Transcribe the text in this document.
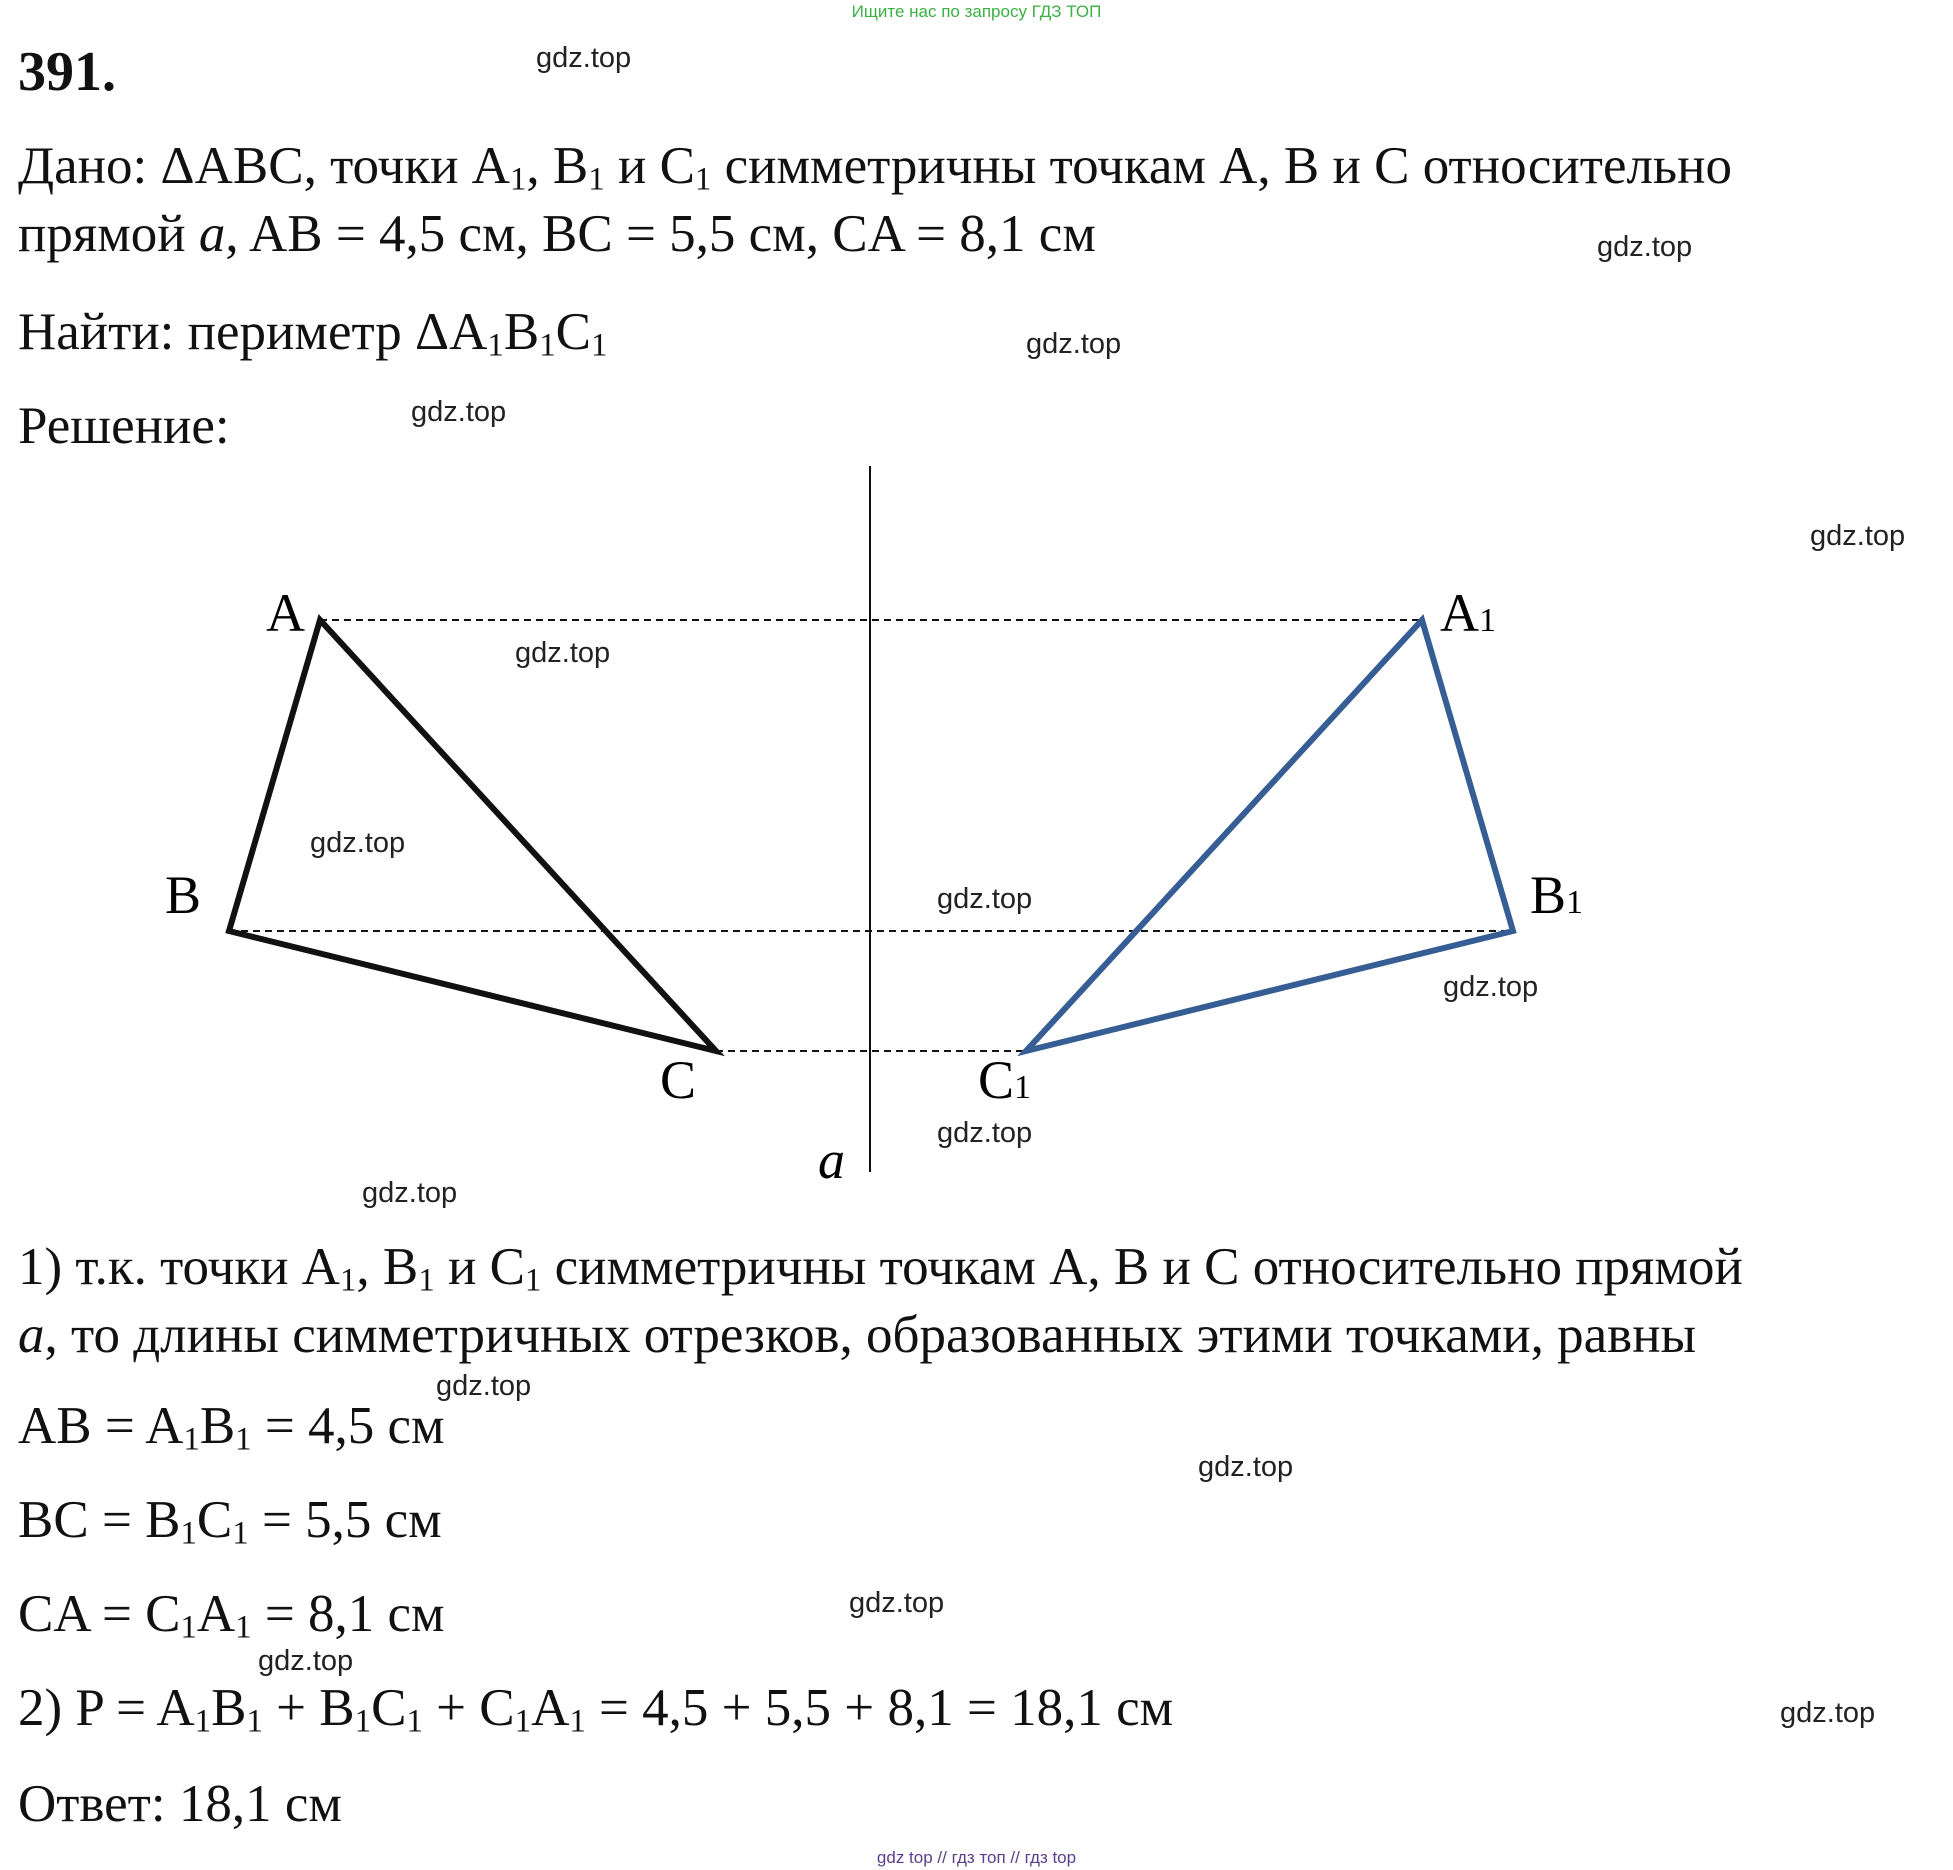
Ищите нас по запросу ГДЗ ТОП
391.
Дано: ΔABC, точки $A_1$, $B_1$ и $C_1$ симметричны точкам A, B и C относительно
прямой a, AB = 4,5 см, BC = 5,5 см, CA = 8,1 см
Найти: периметр $\Delta A_1B_1C_1$
Решение:
A
B
C
A1
B1
C1
a
gdz.top
gdz.top
gdz.top
gdz.top
gdz.top
1) т.к. точки $A_1$, $B_1$ и $C_1$ симметричны точкам A, B и C относительно прямой
a, то длины симметричных отрезков, образованных этими точками, равны
AB = $A_1B_1 = 4,5$ см
BC = $B_1C_1 = 5,5$ см
CA = $C_1A_1 = 8,1$ см
2) $P = A_1B_1 + B_1C_1 + C_1A_1 = 4,5 + 5,5 + 8,1 = 18,1$ см
Ответ: 18,1 см
gdz.top
gdz.top
gdz.top
gdz.top
gdz.top
gdz.top
gdz.top
gdz.top
gdz.top
gdz.top
gdz.top
gdz top // гдз топ // гдз top
